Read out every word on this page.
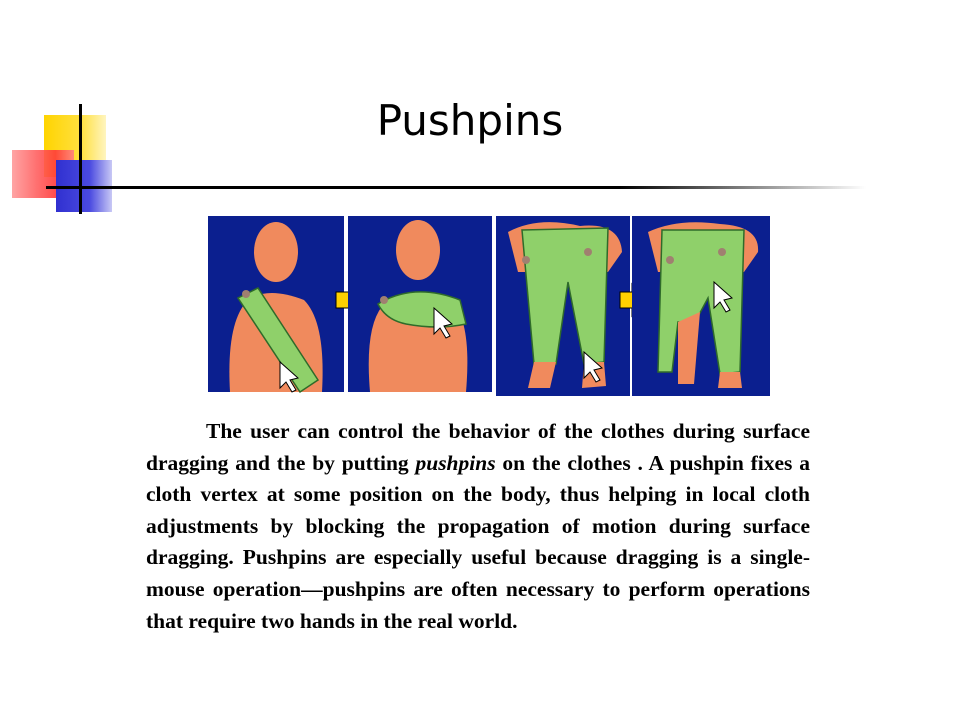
Pushpins

The user can control the behavior of the clothes during surface dragging and the by putting pushpins on the clothes . A pushpin fixes a cloth vertex at some position on the body, thus helping in local cloth adjustments by blocking the propagation of motion during surface dragging. Pushpins are especially useful because dragging is a single-mouse operation—pushpins are often necessary to perform operations that require two hands in the real world.
